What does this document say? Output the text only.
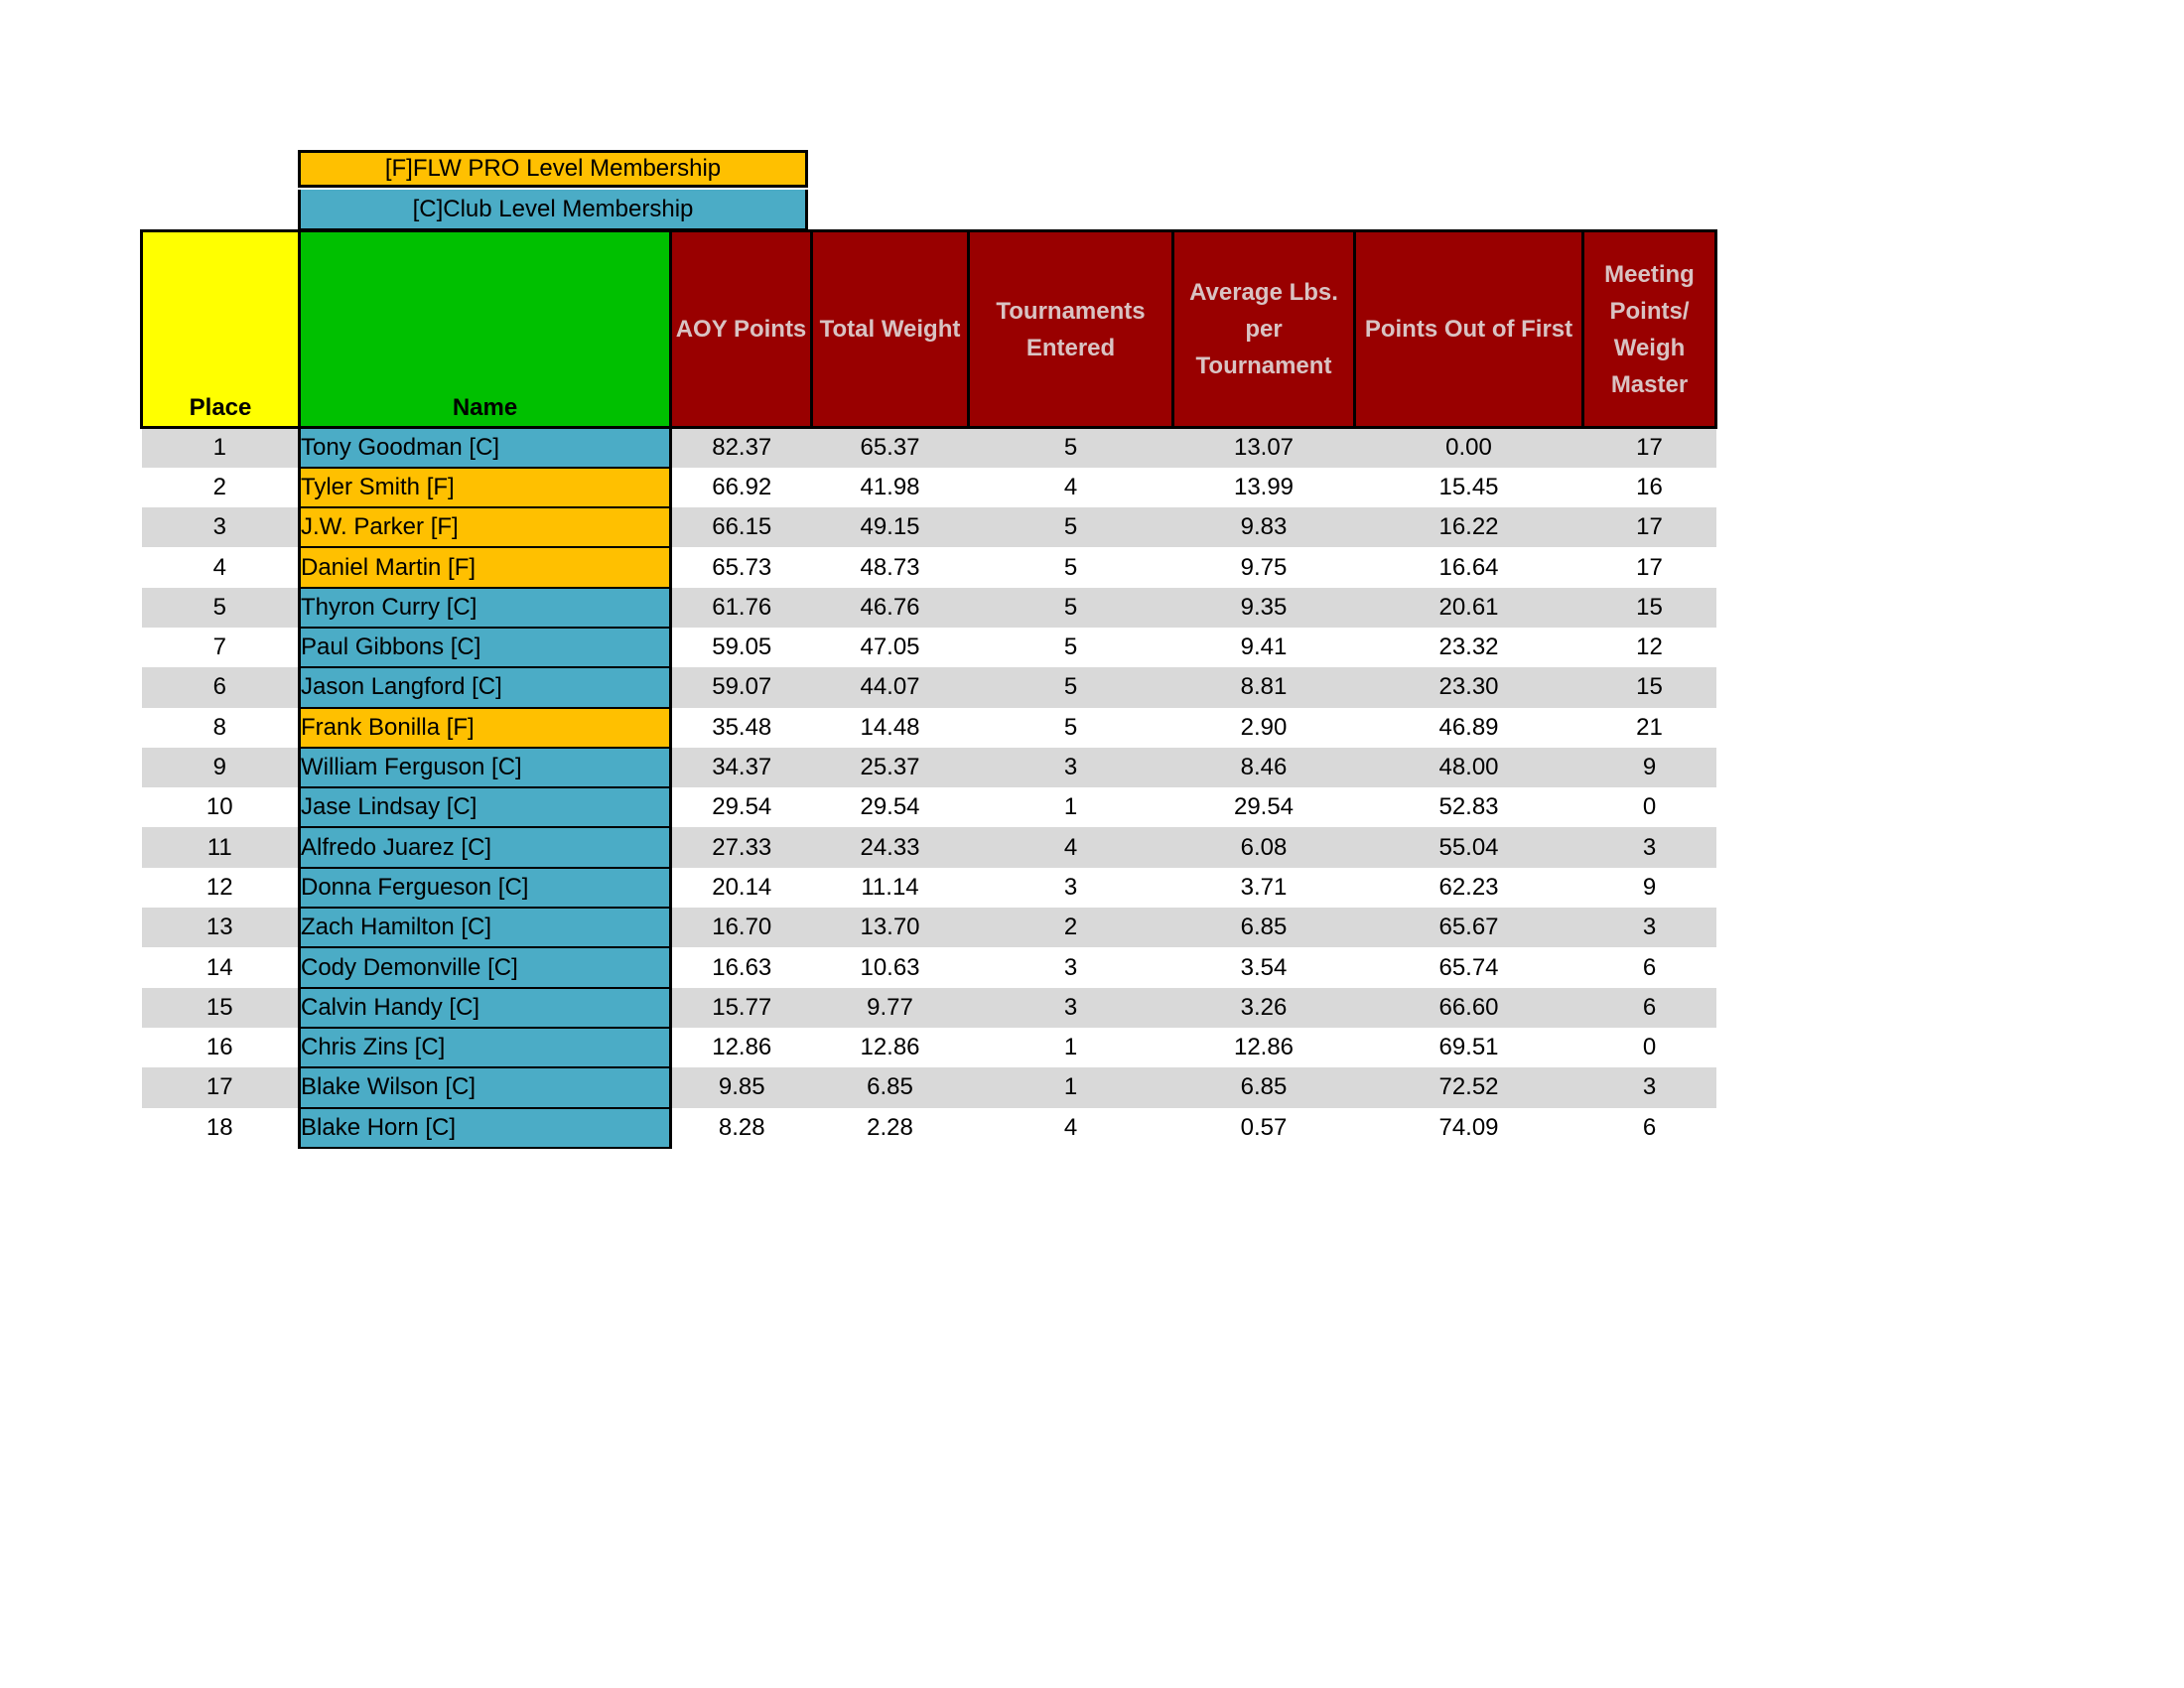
[F]FLW PRO Level Membership
[C]Club Level Membership
Place	Name	AOY Points	Total Weight	Tournaments Entered	Average Lbs. per Tournament	Points Out of First	Meeting Points/ Weigh Master
1	Tony Goodman [C]	82.37	65.37	5	13.07	0.00	17
2	Tyler Smith [F]	66.92	41.98	4	13.99	15.45	16
3	J.W. Parker [F]	66.15	49.15	5	9.83	16.22	17
4	Daniel Martin [F]	65.73	48.73	5	9.75	16.64	17
5	Thyron Curry [C]	61.76	46.76	5	9.35	20.61	15
7	Paul Gibbons [C]	59.05	47.05	5	9.41	23.32	12
6	Jason Langford [C]	59.07	44.07	5	8.81	23.30	15
8	Frank Bonilla [F]	35.48	14.48	5	2.90	46.89	21
9	William Ferguson [C]	34.37	25.37	3	8.46	48.00	9
10	Jase Lindsay [C]	29.54	29.54	1	29.54	52.83	0
11	Alfredo Juarez [C]	27.33	24.33	4	6.08	55.04	3
12	Donna Fergueson [C]	20.14	11.14	3	3.71	62.23	9
13	Zach Hamilton [C]	16.70	13.70	2	6.85	65.67	3
14	Cody Demonville [C]	16.63	10.63	3	3.54	65.74	6
15	Calvin Handy [C]	15.77	9.77	3	3.26	66.60	6
16	Chris Zins [C]	12.86	12.86	1	12.86	69.51	0
17	Blake Wilson [C]	9.85	6.85	1	6.85	72.52	3
18	Blake Horn [C]	8.28	2.28	4	0.57	74.09	6
